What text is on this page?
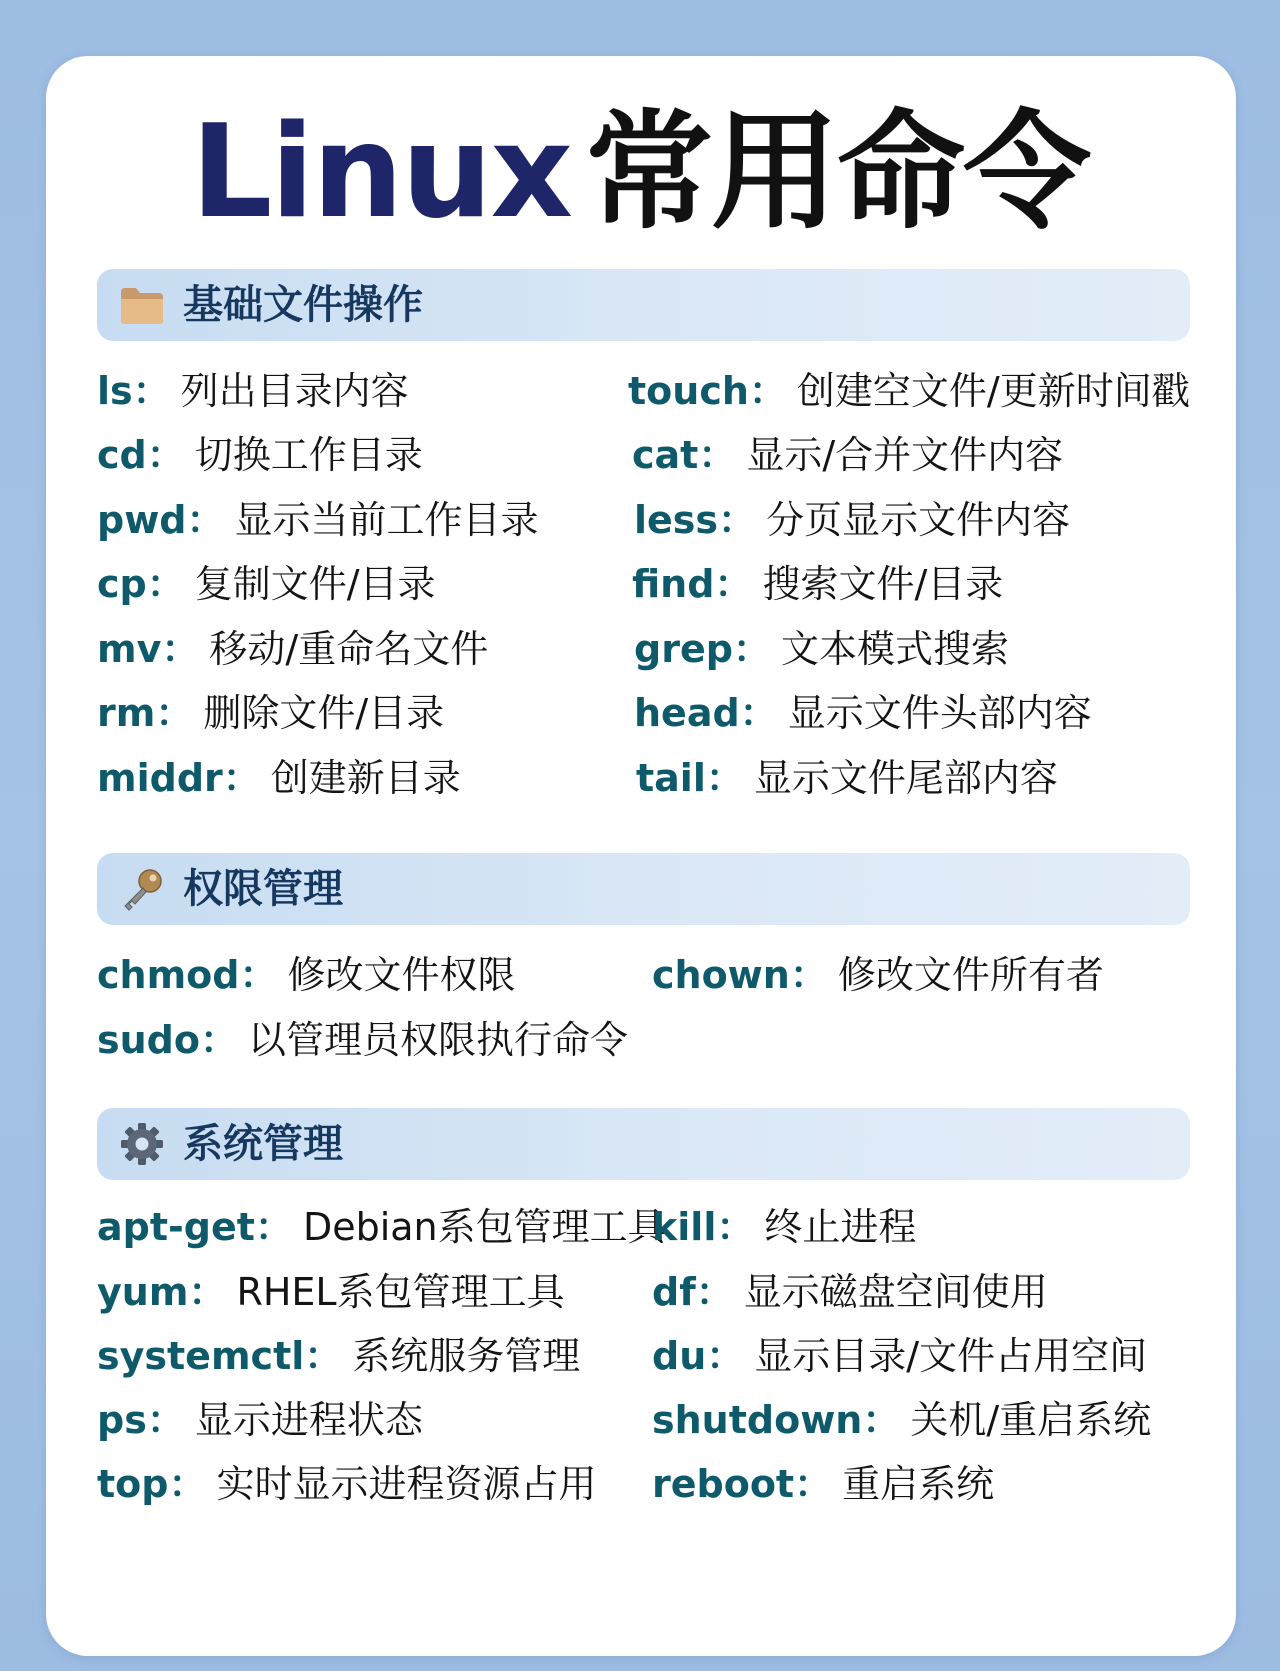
Linux 常用命令
基础文件操作
ls： 列出目录内容
cd： 切换工作目录
pwd： 显示当前工作目录
cp： 复制文件/目录
mv： 移动/重命名文件
rm： 删除文件/目录
middr： 创建新目录
touch： 创建空文件/更新时间戳
cat： 显示/合并文件内容
less： 分页显示文件内容
find： 搜索文件/目录
grep： 文本模式搜索
head： 显示文件头部内容
tail： 显示文件尾部内容
权限管理
chmod： 修改文件权限
sudo： 以管理员权限执行命令
chown： 修改文件所有者
系统管理
apt-get： Debian系包管理工具
yum： RHEL系包管理工具
systemctl： 系统服务管理
ps： 显示进程状态
top： 实时显示进程资源占用
kill： 终止进程
df： 显示磁盘空间使用
du： 显示目录/文件占用空间
shutdown： 关机/重启系统
reboot： 重启系统
